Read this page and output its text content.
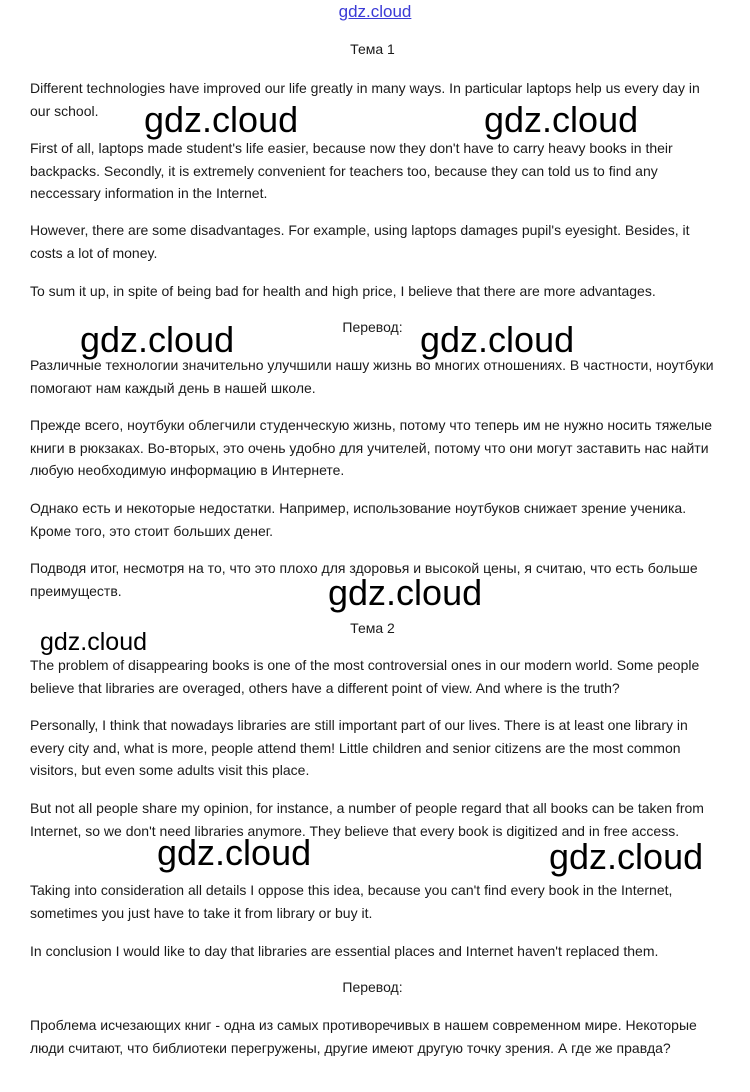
gdz.cloud
Тема 1

Different technologies have improved our life greatly in many ways. In particular laptops help us every day in our school.

First of all, laptops made student's life easier, because now they don't have to carry heavy books in their backpacks. Secondly, it is extremely convenient for teachers too, because they can told us to find any neccessary information in the Internet.

However, there are some disadvantages. For example, using laptops damages pupil's eyesight. Besides, it costs a lot of money.

To sum it up, in spite of being bad for health and high price, I believe that there are more advantages.

Перевод:

Различные технологии значительно улучшили нашу жизнь во многих отношениях. В частности, ноутбуки помогают нам каждый день в нашей школе.

Прежде всего, ноутбуки облегчили студенческую жизнь, потому что теперь им не нужно носить тяжелые книги в рюкзаках. Во-вторых, это очень удобно для учителей, потому что они могут заставить нас найти любую необходимую информацию в Интернете.

Однако есть и некоторые недостатки. Например, использование ноутбуков снижает зрение ученика. Кроме того, это стоит больших денег.

Подводя итог, несмотря на то, что это плохо для здоровья и высокой цены, я считаю, что есть больше преимуществ.

Тема 2

The problem of disappearing books is one of the most controversial ones in our modern world. Some people believe that libraries are overaged, others have a different point of view. And where is the truth?

Personally, I think that nowadays libraries are still important part of our lives. There is at least one library in every city and, what is more, people attend them! Little children and senior citizens are the most common visitors, but even some adults visit this place.

But not all people share my opinion, for instance, a number of people regard that all books can be taken from Internet, so we don't need libraries anymore. They believe that every book is digitized and in free access.

Taking into consideration all details I oppose this idea, because you can't find every book in the Internet, sometimes you just have to take it from library or buy it.

In conclusion I would like to day that libraries are essential places and Internet haven't replaced them.

Перевод:

Проблема исчезающих книг - одна из самых противоречивых в нашем современном мире. Некоторые люди считают, что библиотеки перегружены, другие имеют другую точку зрения. А где же правда?

gdz.cloud	gdz.cloud
gdz.cloud	gdz.cloud
gdz.cloud
gdz.cloud
gdz.cloud	gdz.cloud
